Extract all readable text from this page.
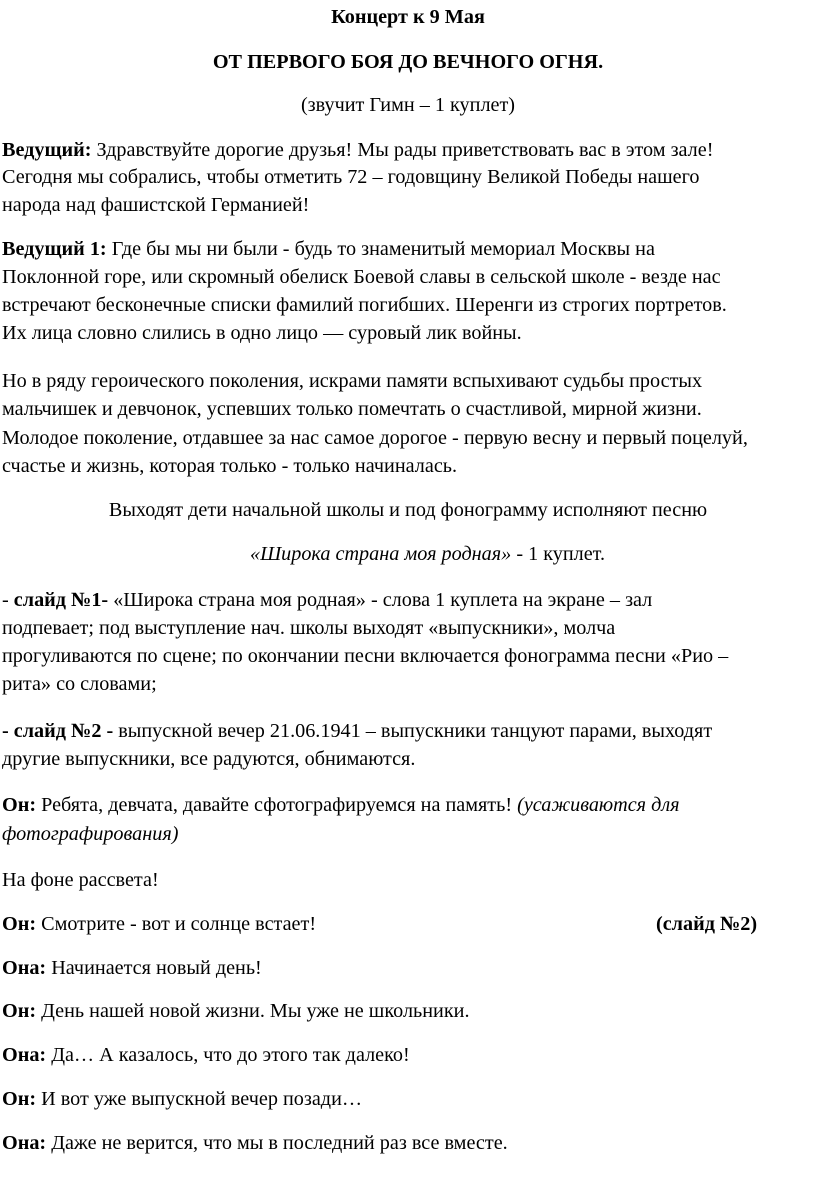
Концерт к 9 Мая
ОТ ПЕРВОГО БОЯ ДО ВЕЧНОГО ОГНЯ.
(звучит Гимн – 1 куплет)
Ведущий: Здравствуйте дорогие друзья! Мы рады приветствовать вас в этом зале!
Сегодня мы собрались, чтобы отметить 72 – годовщину Великой Победы нашего
народа над фашистской Германией!
Ведущий 1: Где бы мы ни были - будь то знаменитый мемориал Москвы на
Поклонной горе, или скромный обелиск Боевой славы в сельской школе - везде нас
встречают бесконечные списки фамилий погибших. Шеренги из строгих портретов.
Их лица словно слились в одно лицо — суровый лик войны.
Но в ряду героического поколения, искрами памяти вспыхивают судьбы простых
мальчишек и девчонок, успевших только помечтать о счастливой, мирной жизни.
Молодое поколение, отдавшее за нас самое дорогое - первую весну и первый поцелуй,
счастье и жизнь, которая только - только начиналась.
Выходят дети начальной школы и под фонограмму исполняют песню
«Широка страна моя родная» - 1 куплет.
- слайд №1- «Широка страна моя родная» - слова 1 куплета на экране – зал
подпевает; под выступление нач. школы выходят «выпускники», молча
прогуливаются по сцене; по окончании песни включается фонограмма песни «Рио –
рита» со словами;
- слайд №2 - выпускной вечер 21.06.1941 – выпускники танцуют парами, выходят
другие выпускники, все радуются, обнимаются.
Он: Ребята, девчата, давайте сфотографируемся на память! (усаживаются для
фотографирования)
На фоне рассвета!
Он: Смотрите - вот и солнце встает!	(слайд №2)
Она: Начинается новый день!
Он: День нашей новой жизни. Мы уже не школьники.
Она: Да… А казалось, что до этого так далеко!
Он: И вот уже выпускной вечер позади…
Она: Даже не верится, что мы в последний раз все вместе.
